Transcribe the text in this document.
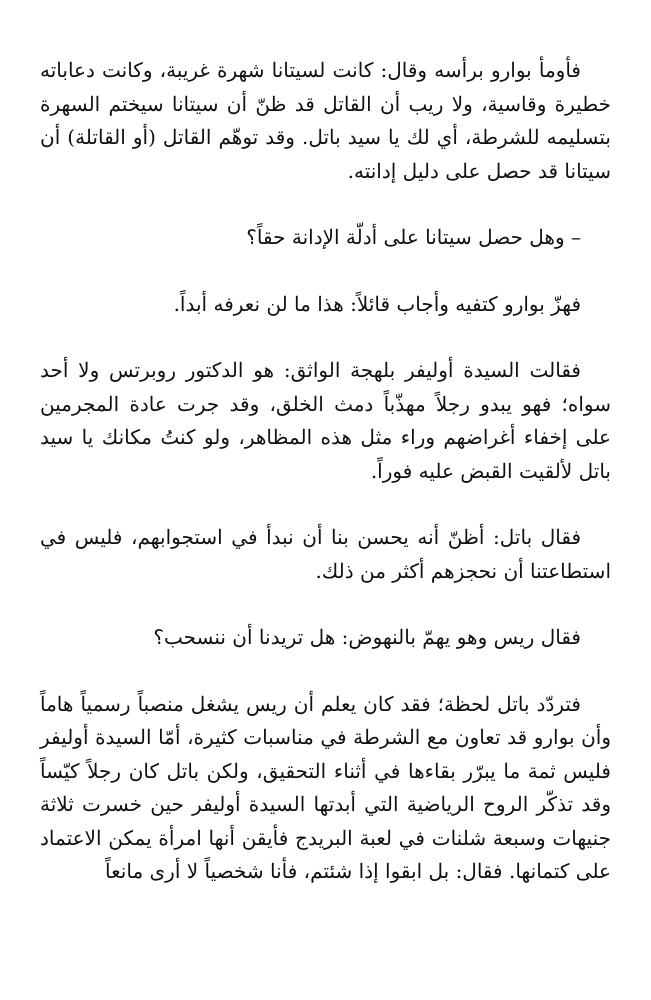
فأومأ بوارو برأسه وقال: كانت لسيتانا شهرة غريبة، وكانت دعاباته خطيرة وقاسية، ولا ريب أن القاتل قد ظنّ أن سيتانا سيختم السهرة بتسليمه للشرطة، أي لك يا سيد باتل. وقد توهّم القاتل (أو القاتلة) أن سيتانا قد حصل على دليل إدانته.

– وهل حصل سيتانا على أدلّة الإدانة حقاً؟

فهزّ بوارو كتفيه وأجاب قائلاً: هذا ما لن نعرفه أبداً.

فقالت السيدة أوليفر بلهجة الواثق: هو الدكتور روبرتس ولا أحد سواه؛ فهو يبدو رجلاً مهذّباً دمث الخلق، وقد جرت عادة المجرمين على إخفاء أغراضهم وراء مثل هذه المظاهر، ولو كنتُ مكانك يا سيد باتل لألقيت القبض عليه فوراً.

فقال باتل: أظنّ أنه يحسن بنا أن نبدأ في استجوابهم، فليس في استطاعتنا أن نحجزهم أكثر من ذلك.

فقال ريس وهو يهمّ بالنهوض: هل تريدنا أن ننسحب؟

فتردّد باتل لحظة؛ فقد كان يعلم أن ريس يشغل منصباً رسمياً هاماً وأن بوارو قد تعاون مع الشرطة في مناسبات كثيرة، أمّا السيدة أوليفر فليس ثمة ما يبرّر بقاءها في أثناء التحقيق، ولكن باتل كان رجلاً كيّساً وقد تذكّر الروح الرياضية التي أبدتها السيدة أوليفر حين خسرت ثلاثة جنيهات وسبعة شلنات في لعبة البريدج فأيقن أنها امرأة يمكن الاعتماد على كتمانها. فقال: بل ابقوا إذا شئتم، فأنا شخصياً لا أرى مانعاً
